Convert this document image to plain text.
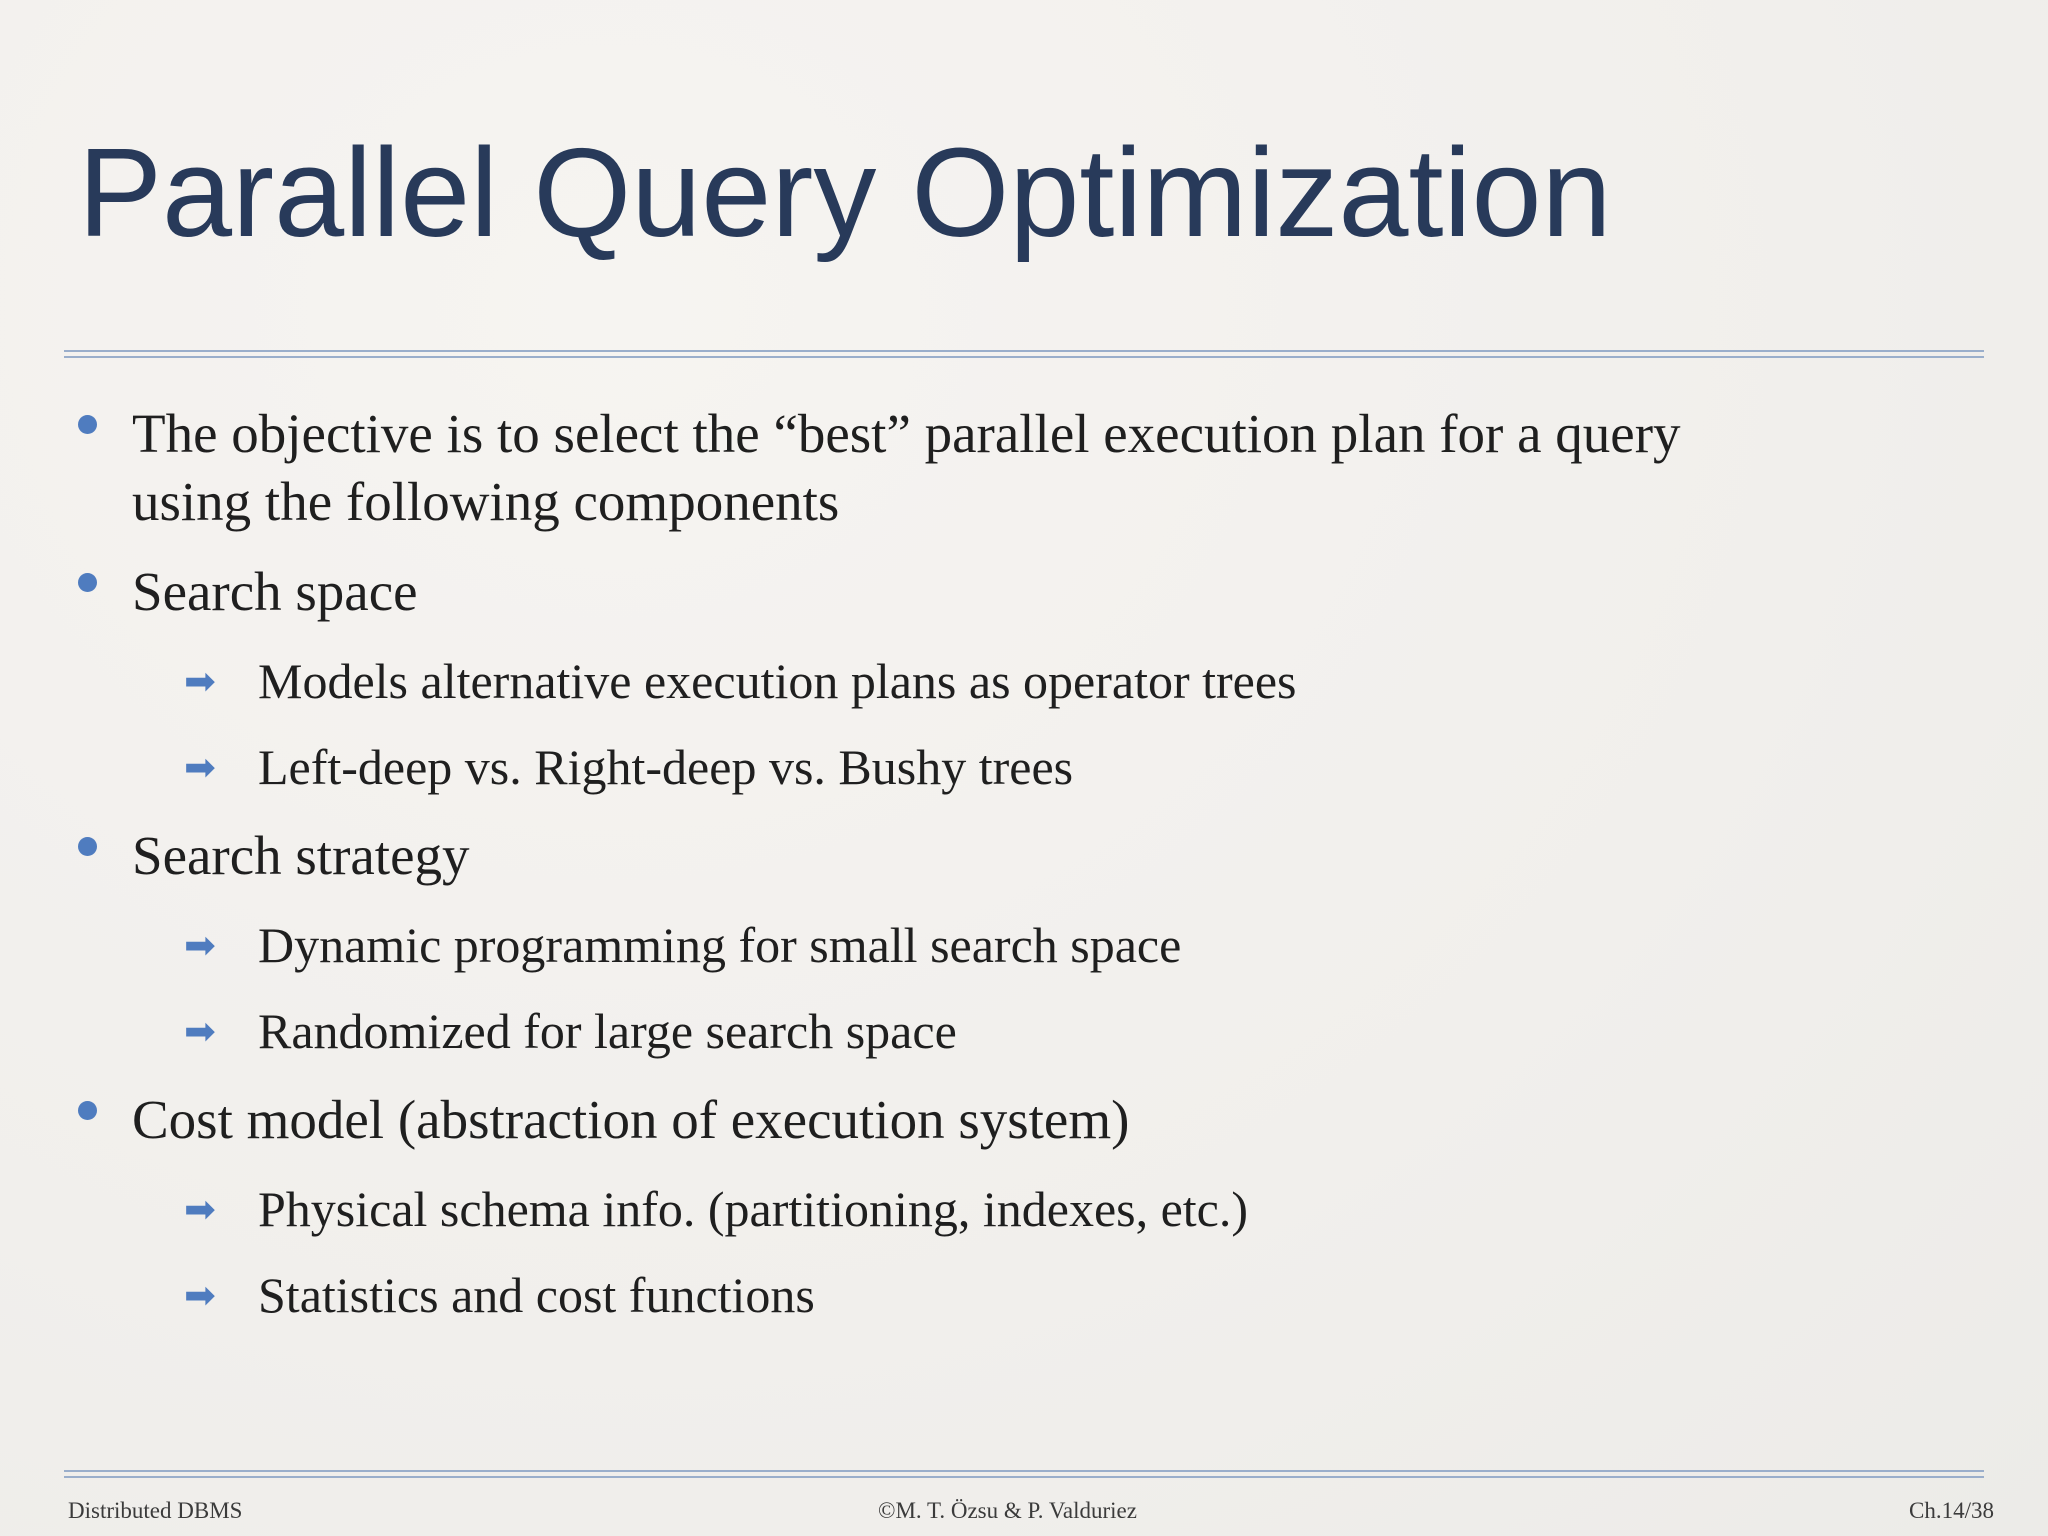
Parallel Query Optimization
The objective is to select the “best” parallel execution plan for a query
using the following components
Search space
➡ Models alternative execution plans as operator trees
➡ Left-deep vs. Right-deep vs. Bushy trees
Search strategy
➡ Dynamic programming for small search space
➡ Randomized for large search space
Cost model (abstraction of execution system)
➡ Physical schema info. (partitioning, indexes, etc.)
➡ Statistics and cost functions
Distributed DBMS	©M. T. Özsu & P. Valduriez	Ch.14/38
